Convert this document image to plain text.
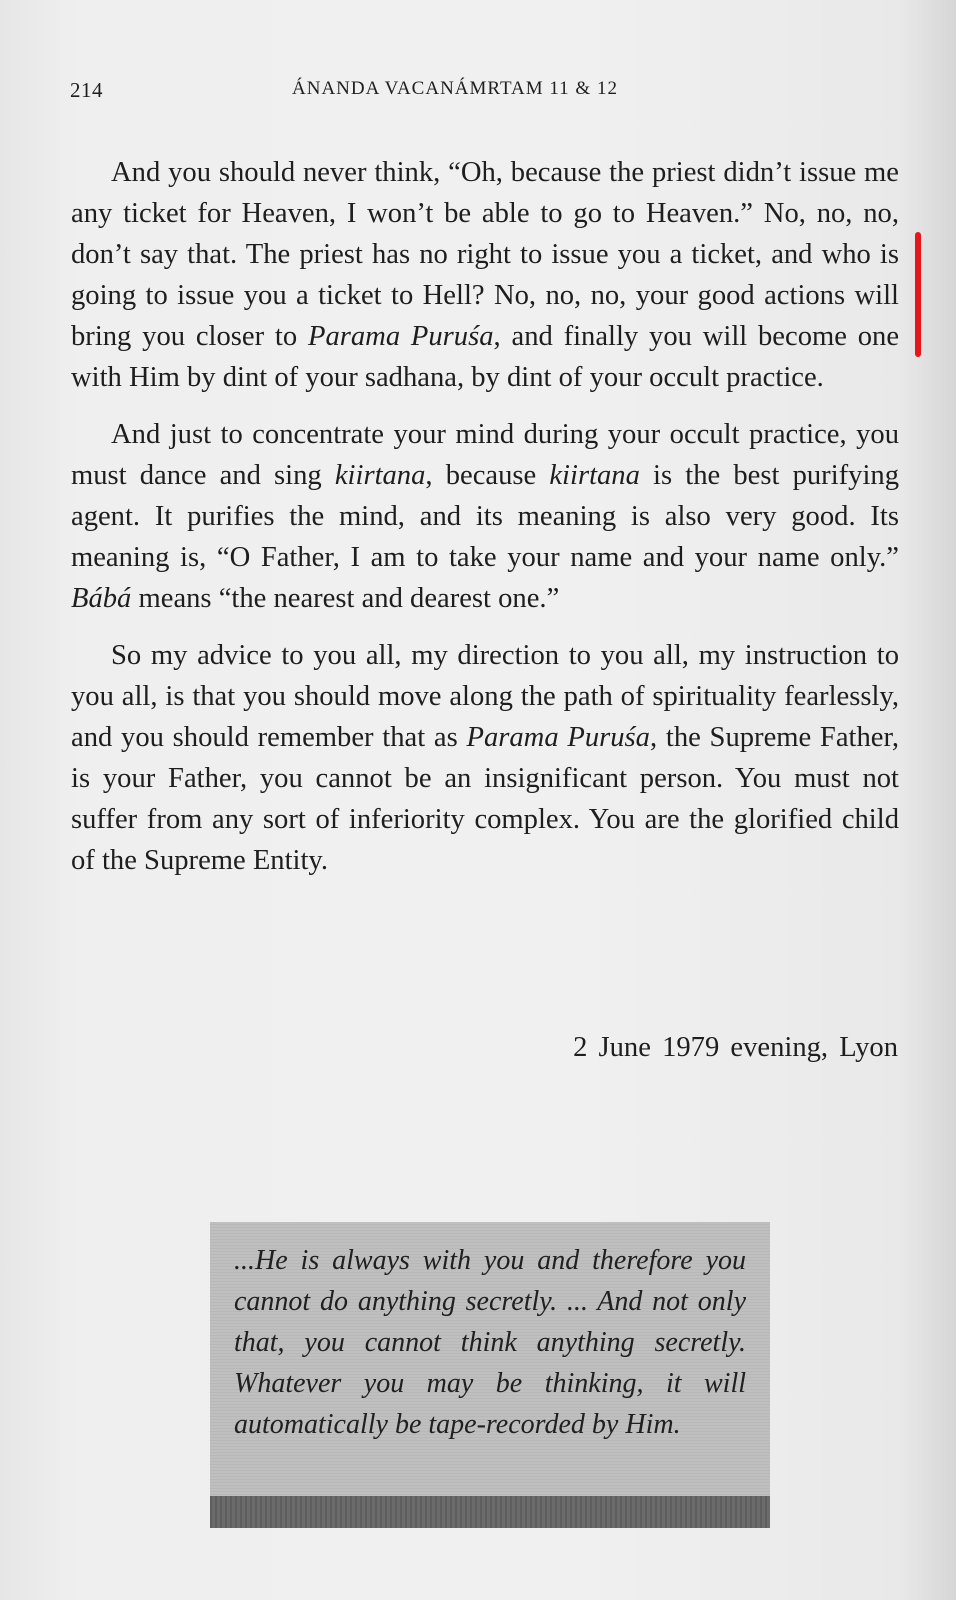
214	ÁNANDA VACANÁMRTAM 11 & 12

And you should never think, “Oh, because the priest didn’t issue me any ticket for Heaven, I won’t be able to go to Heaven.” No, no, no, don’t say that. The priest has no right to issue you a ticket, and who is going to issue you a ticket to Hell? No, no, no, your good actions will bring you closer to Parama Puruśa, and finally you will become one with Him by dint of your sadhana, by dint of your occult practice.

And just to concentrate your mind during your occult practice, you must dance and sing kiirtana, because kiirtana is the best purifying agent. It purifies the mind, and its meaning is also very good. Its meaning is, “O Father, I am to take your name and your name only.” Bábá means “the nearest and dearest one.”

So my advice to you all, my direction to you all, my instruction to you all, is that you should move along the path of spirituality fearlessly, and you should remember that as Parama Puruśa, the Supreme Father, is your Father, you cannot be an insignificant person. You must not suffer from any sort of inferiority complex. You are the glorified child of the Supreme Entity.

2 June 1979 evening, Lyon
...He is always with you and therefore you cannot do anything secretly. ... And not only that, you cannot think anything secretly. Whatever you may be thinking, it will automatically be tape-recorded by Him.
